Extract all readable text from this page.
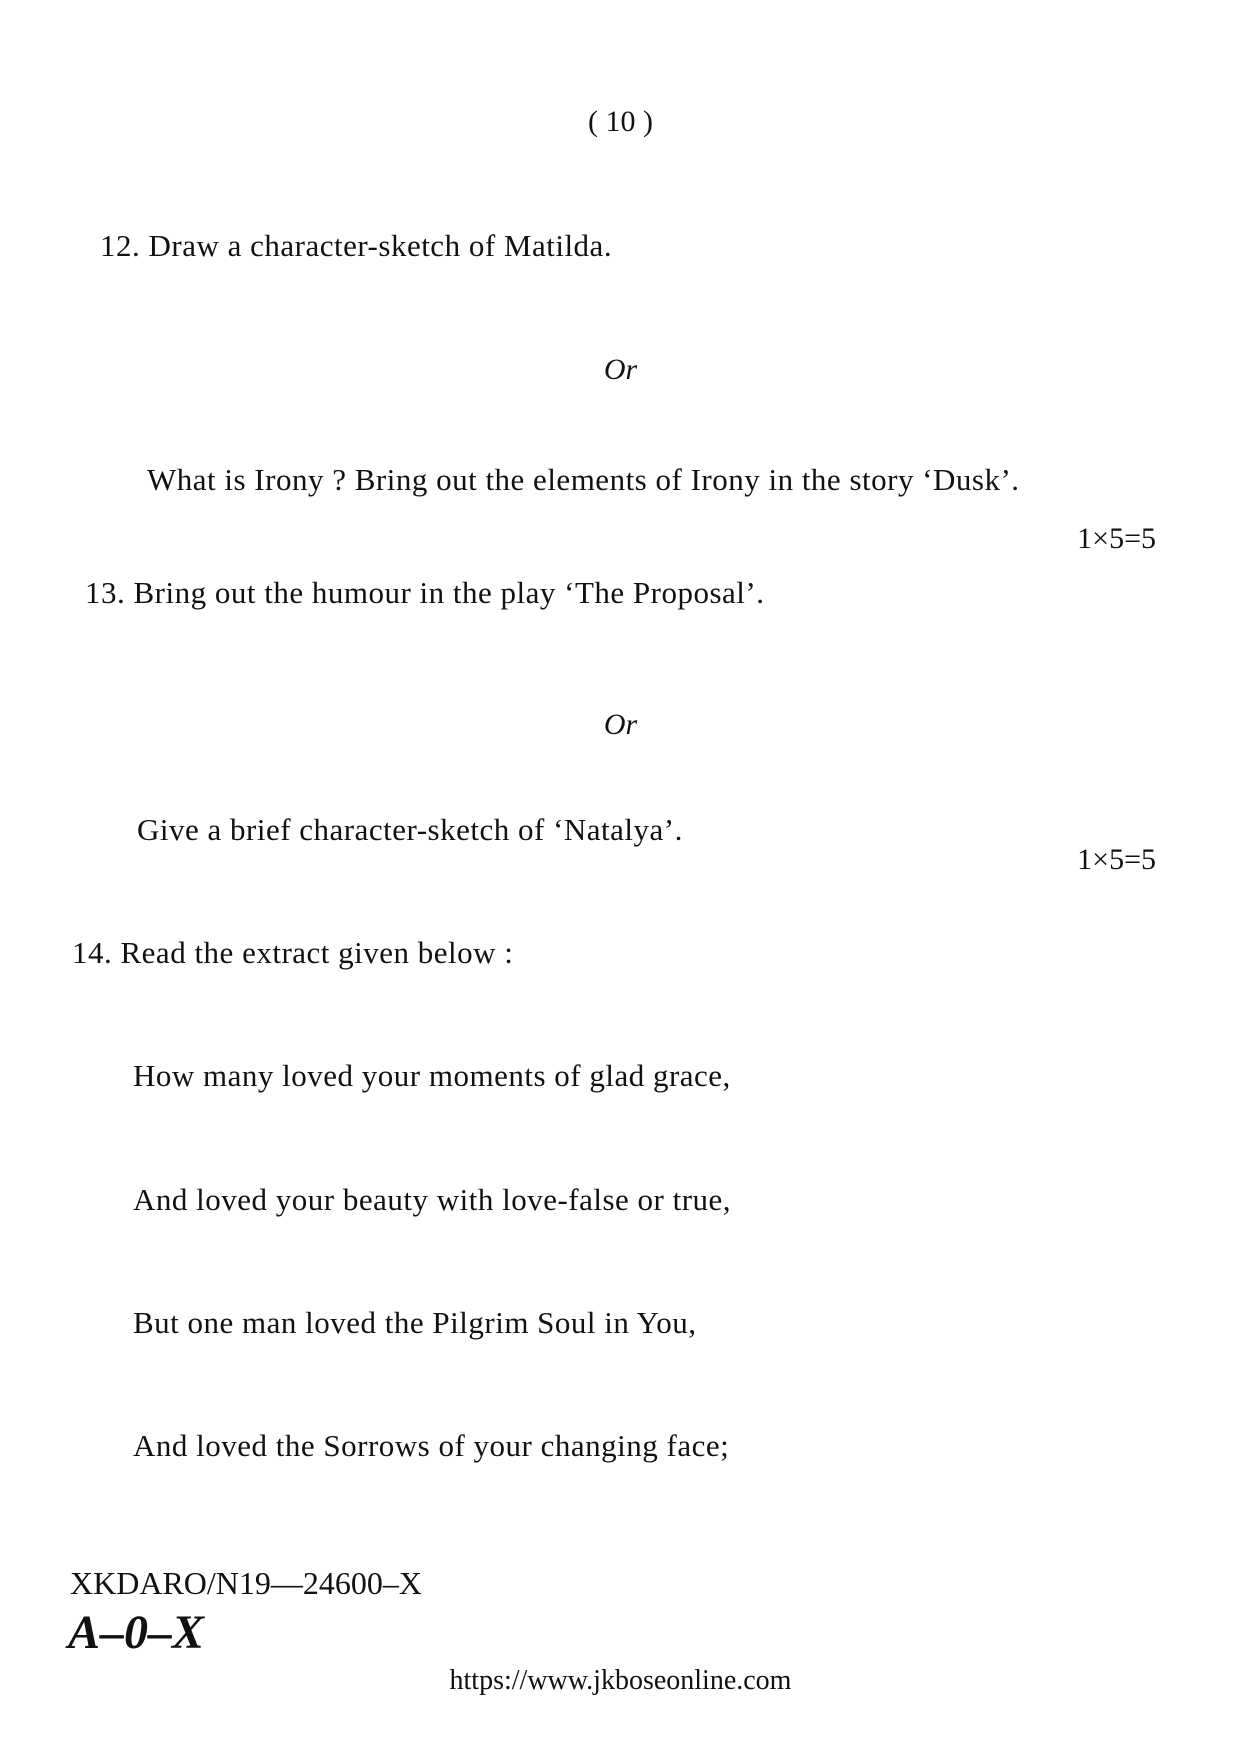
( 10 )
12. Draw a character-sketch of Matilda.
Or
What is Irony ? Bring out the elements of Irony in the story ‘Dusk’.
1×5=5
13. Bring out the humour in the play ‘The Proposal’.
Or
Give a brief character-sketch of ‘Natalya’.
1×5=5
14. Read the extract given below :
How many loved your moments of glad grace,
And loved your beauty with love-false or true,
But one man loved the Pilgrim Soul in You,
And loved the Sorrows of your changing face;
XKDARO/N19—24600–X
A–0–X
https://www.jkboseonline.com
